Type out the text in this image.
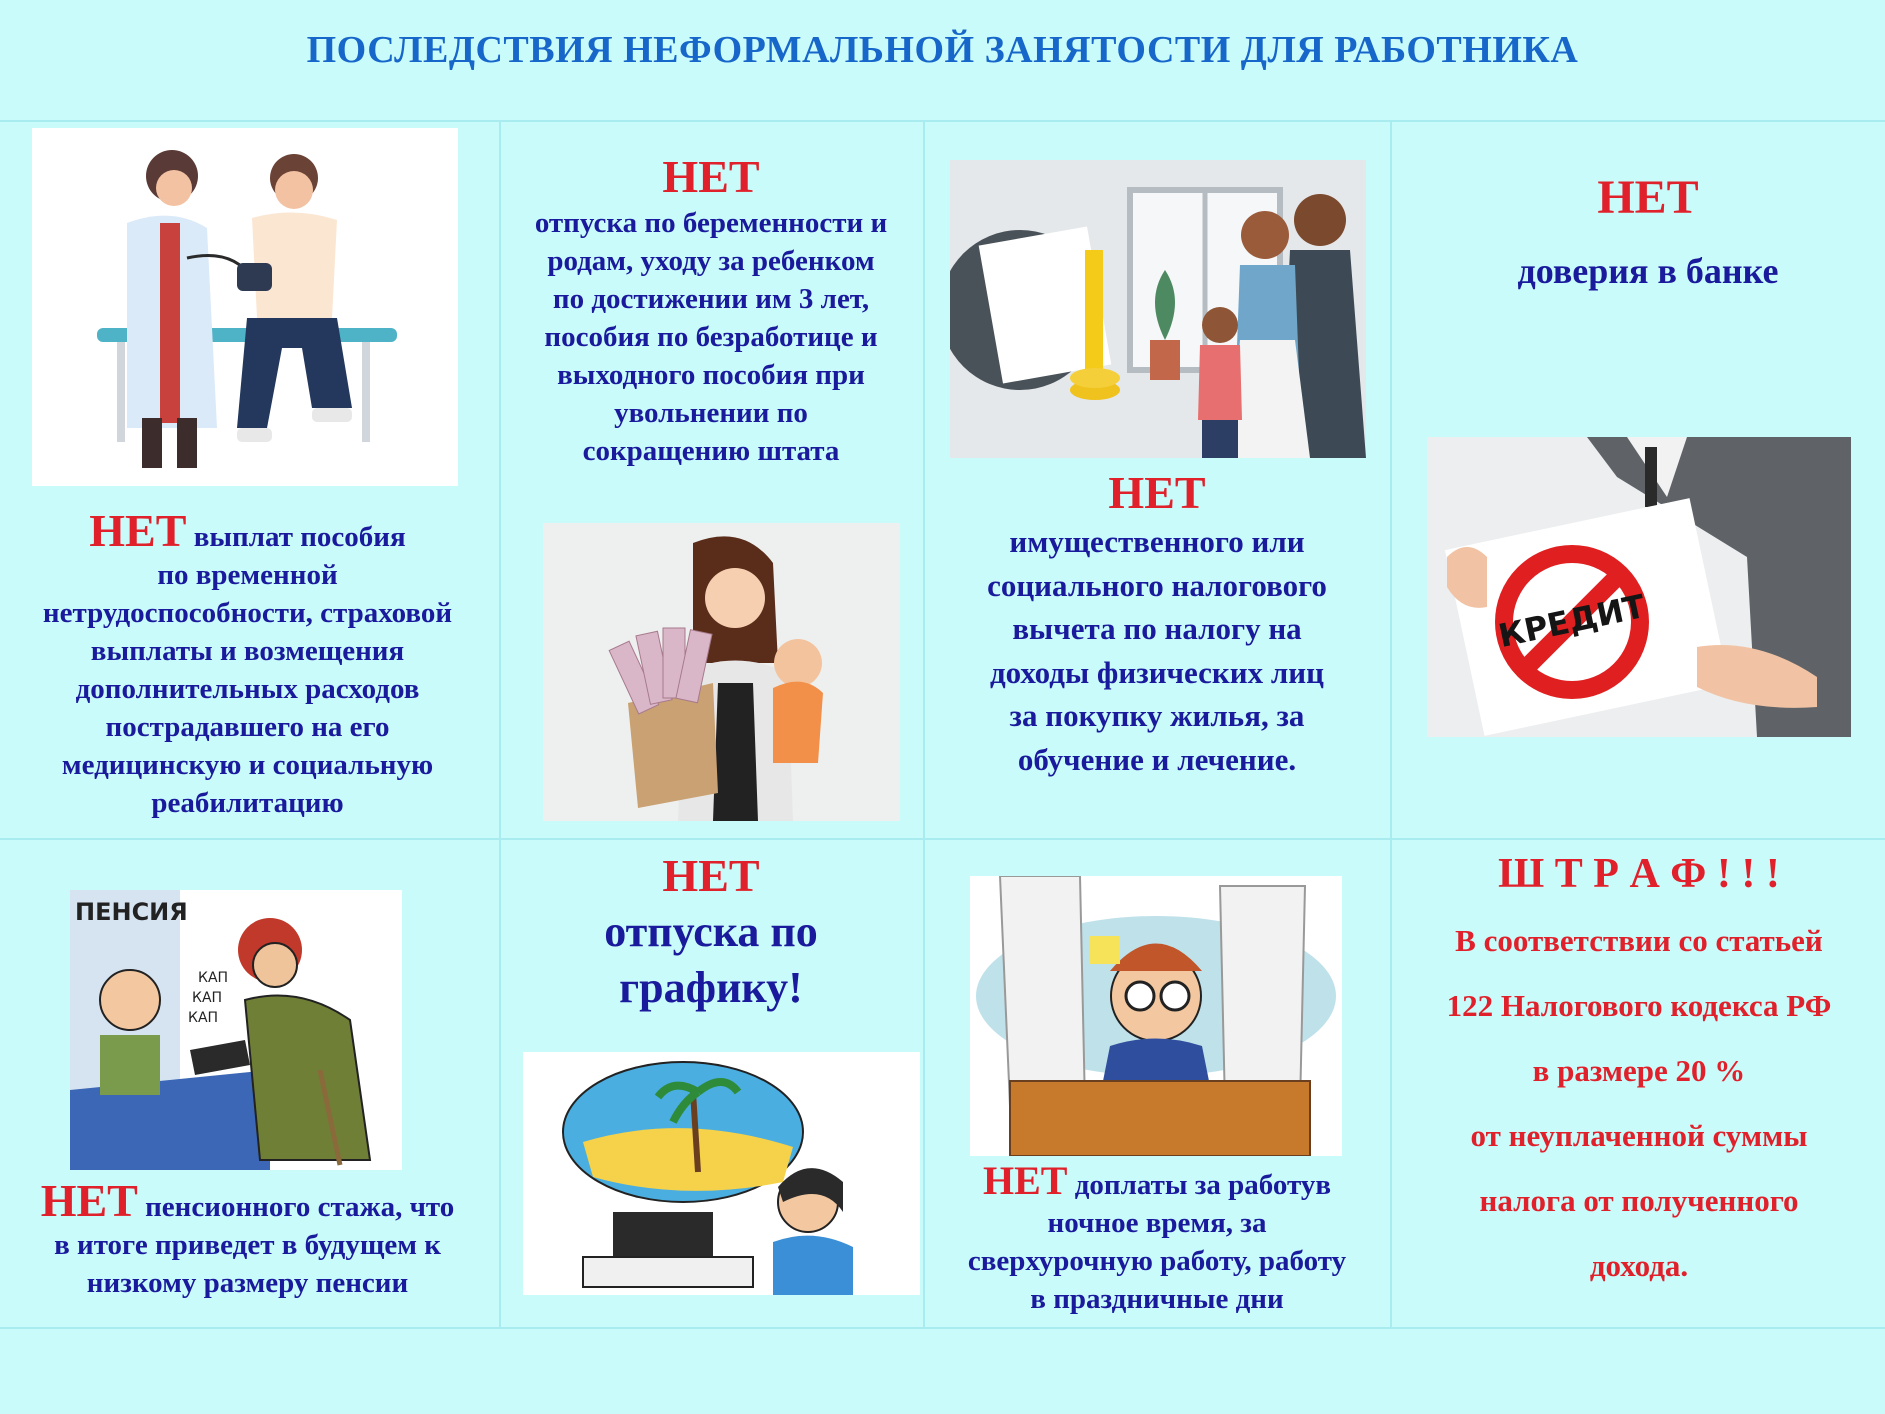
ПОСЛЕДСТВИЯ НЕФОРМАЛЬНОЙ ЗАНЯТОСТИ ДЛЯ РАБОТНИКА
НЕТ выплат пособия
по временной
нетрудоспособности, страховой
выплаты и возмещения
дополнительных расходов
пострадавшего на его
медицинскую и социальную
реабилитацию
НЕТ
отпуска по беременности и
родам, уходу за ребенком
по достижении им 3 лет,
пособия по безработице и
выходного пособия при
увольнении по
сокращению штата
НЕТ
имущественного или
социального налогового
вычета по налогу на
доходы физических лиц
за покупку жилья, за
обучение и лечение.
НЕТ
доверия в банке
КРЕДИТ
ПЕНСИЯ
КАП
КАП
КАП
НЕТ пенсионного стажа, что
в итоге приведет в будущем к
низкому размеру пенсии
НЕТ
отпуска по
графику!
НЕТ доплаты за работув
ночное время, за
сверхурочную работу, работу
в праздничные дни
Ш Т Р А Ф ! ! !
В соответствии со статьей
122 Налогового кодекса РФ
в размере 20 %
от неуплаченной суммы
налога от полученного
дохода.
